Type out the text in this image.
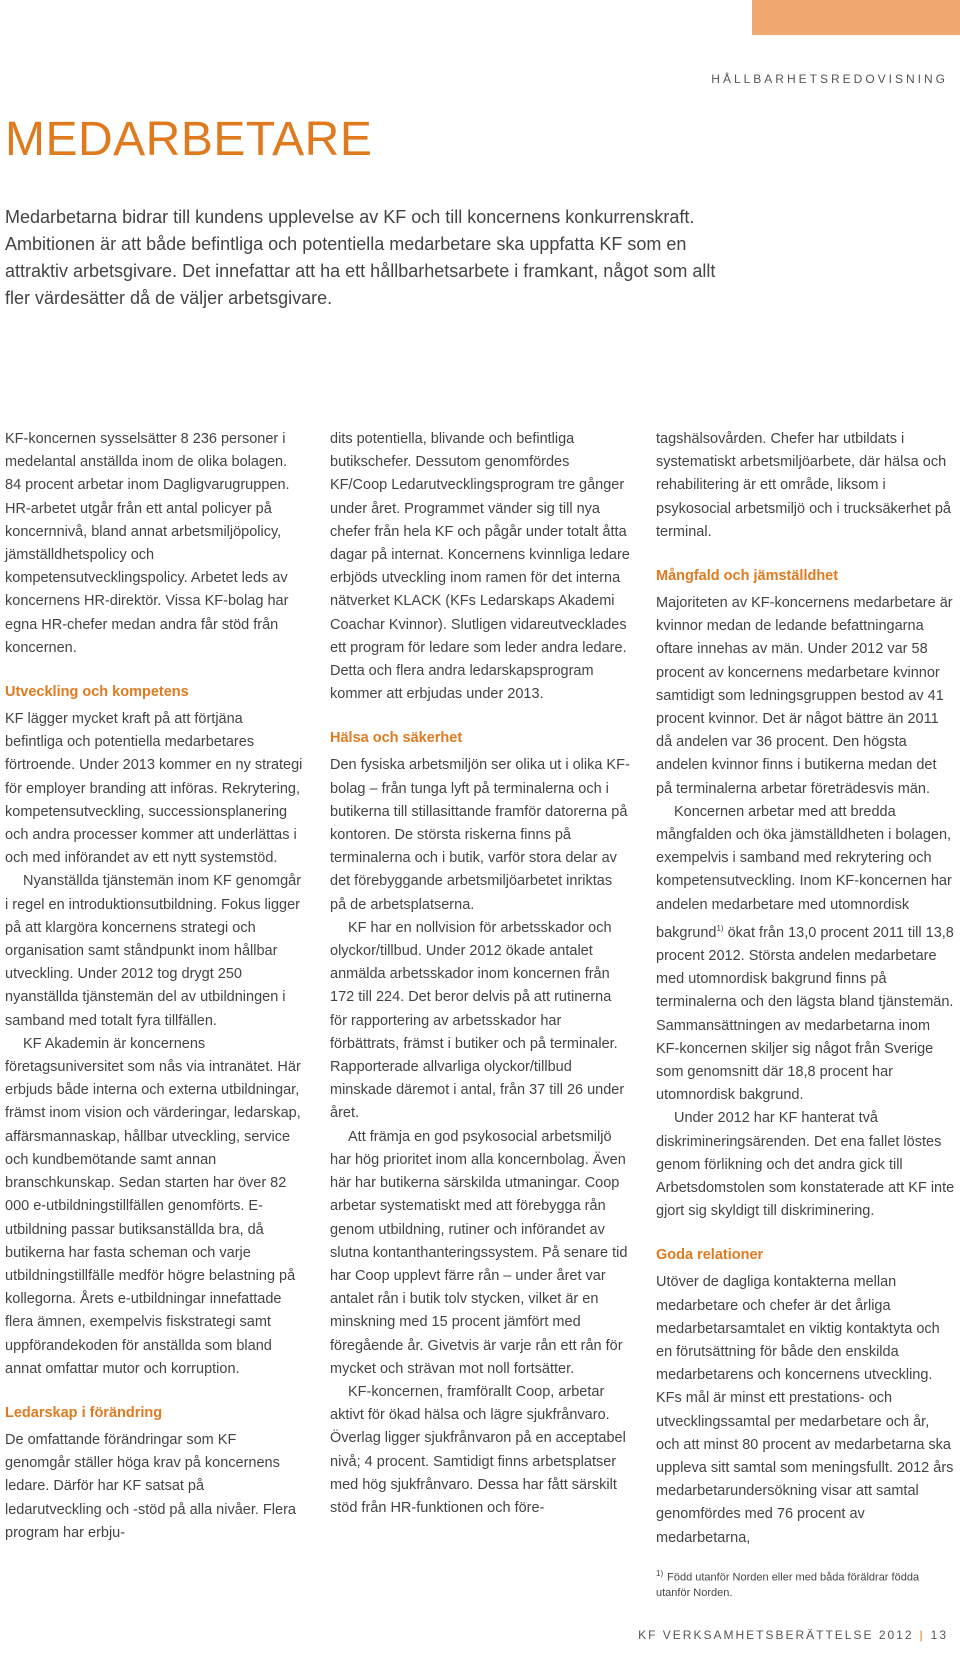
HÅLLBARHETSREDOVISNING
MEDARBETARE

Medarbetarna bidrar till kundens upplevelse av KF och till koncernens konkurrenskraft. Ambitionen är att både befintliga och potentiella medarbetare ska uppfatta KF som en attraktiv arbetsgivare. Det innefattar att ha ett hållbarhetsarbete i framkant, något som allt fler värdesätter då de väljer arbetsgivare.

KF-koncernen sysselsätter 8 236 personer i medelantal anställda inom de olika bolagen. 84 procent arbetar inom Dagligvarugruppen. HR-arbetet utgår från ett antal policyer på koncernnivå, bland annat arbetsmiljöpolicy, jämställdhetspolicy och kompetensutvecklingspolicy. Arbetet leds av koncernens HR-direktör. Vissa KF-bolag har egna HR-chefer medan andra får stöd från koncernen.

Utveckling och kompetens

KF lägger mycket kraft på att förtjäna befintliga och potentiella medarbetares förtroende. Under 2013 kommer en ny strategi för employer branding att införas. Rekrytering, kompetensutveckling, successionsplanering och andra processer kommer att underlättas i och med införandet av ett nytt systemstöd.

Nyanställda tjänstemän inom KF genomgår i regel en introduktionsutbildning. Fokus ligger på att klargöra koncernens strategi och organisation samt ståndpunkt inom hållbar utveckling. Under 2012 tog drygt 250 nyanställda tjänstemän del av utbildningen i samband med totalt fyra tillfällen.

KF Akademin är koncernens företagsuniversitet som nås via intranätet. Här erbjuds både interna och externa utbildningar, främst inom vision och värderingar, ledarskap, affärsmannaskap, hållbar utveckling, service och kundbemötande samt annan branschkunskap. Sedan starten har över 82 000 e-utbildningstillfällen genomförts. E-utbildning passar butiksanställda bra, då butikerna har fasta scheman och varje utbildningstillfälle medför högre belastning på kollegorna. Årets e-utbildningar innefattade flera ämnen, exempelvis fiskstrategi samt uppförandekoden för anställda som bland annat omfattar mutor och korruption.

Ledarskap i förändring

De omfattande förändringar som KF genomgår ställer höga krav på koncernens ledare. Därför har KF satsat på ledarutveckling och -stöd på alla nivåer. Flera program har erbju-

dits potentiella, blivande och befintliga butikschefer. Dessutom genomfördes KF/Coop Ledarutvecklingsprogram tre gånger under året. Programmet vänder sig till nya chefer från hela KF och pågår under totalt åtta dagar på internat. Koncernens kvinnliga ledare erbjöds utveckling inom ramen för det interna nätverket KLACK (KFs Ledarskaps Akademi Coachar Kvinnor). Slutligen vidareutvecklades ett program för ledare som leder andra ledare. Detta och flera andra ledarskapsprogram kommer att erbjudas under 2013.

Hälsa och säkerhet

Den fysiska arbetsmiljön ser olika ut i olika KF-bolag – från tunga lyft på terminalerna och i butikerna till stillasittande framför datorerna på kontoren. De största riskerna finns på terminalerna och i butik, varför stora delar av det förebyggande arbetsmiljöarbetet inriktas på de arbetsplatserna.

KF har en nollvision för arbetsskador och olyckor/tillbud. Under 2012 ökade antalet anmälda arbetsskador inom koncernen från 172 till 224. Det beror delvis på att rutinerna för rapportering av arbetsskador har förbättrats, främst i butiker och på terminaler. Rapporterade allvarliga olyckor/tillbud minskade däremot i antal, från 37 till 26 under året.

Att främja en god psykosocial arbetsmiljö har hög prioritet inom alla koncernbolag. Även här har butikerna särskilda utmaningar. Coop arbetar systematiskt med att förebygga rån genom utbildning, rutiner och införandet av slutna kontanthanteringssystem. På senare tid har Coop upplevt färre rån – under året var antalet rån i butik tolv stycken, vilket är en minskning med 15 procent jämfört med föregående år. Givetvis är varje rån ett rån för mycket och strävan mot noll fortsätter.

KF-koncernen, framförallt Coop, arbetar aktivt för ökad hälsa och lägre sjukfrånvaro. Överlag ligger sjukfrånvaron på en acceptabel nivå; 4 procent. Samtidigt finns arbetsplatser med hög sjukfrånvaro. Dessa har fått särskilt stöd från HR-funktionen och före-

tagshälsovården. Chefer har utbildats i systematiskt arbetsmiljöarbete, där hälsa och rehabilitering är ett område, liksom i psykosocial arbetsmiljö och i trucksäkerhet på terminal.

Mångfald och jämställdhet

Majoriteten av KF-koncernens medarbetare är kvinnor medan de ledande befattningarna oftare innehas av män. Under 2012 var 58 procent av koncernens medarbetare kvinnor samtidigt som ledningsgruppen bestod av 41 procent kvinnor. Det är något bättre än 2011 då andelen var 36 procent. Den högsta andelen kvinnor finns i butikerna medan det på terminalerna arbetar företrädesvis män.

Koncernen arbetar med att bredda mångfalden och öka jämställdheten i bolagen, exempelvis i samband med rekrytering och kompetensutveckling. Inom KF-koncernen har andelen medarbetare med utomnordisk bakgrund$^{1)}$ ökat från 13,0 procent 2011 till 13,8 procent 2012. Största andelen medarbetare med utomnordisk bakgrund finns på terminalerna och den lägsta bland tjänstemän. Sammansättningen av medarbetarna inom KF-koncernen skiljer sig något från Sverige som genomsnitt där 18,8 procent har utomnordisk bakgrund.

Under 2012 har KF hanterat två diskrimineringsärenden. Det ena fallet löstes genom förlikning och det andra gick till Arbetsdomstolen som konstaterade att KF inte gjort sig skyldigt till diskriminering.

Goda relationer

Utöver de dagliga kontakterna mellan medarbetare och chefer är det årliga medarbetarsamtalet en viktig kontaktyta och en förutsättning för både den enskilda medarbetarens och koncernens utveckling. KFs mål är minst ett prestations- och utvecklingssamtal per medarbetare och år, och att minst 80 procent av medarbetarna ska uppleva sitt samtal som meningsfullt. 2012 års medarbetarundersökning visar att samtal genomfördes med 76 procent av medarbetarna,

$^{1)}$ Född utanför Norden eller med båda föräldrar födda utanför Norden.
KF VERKSAMHETSBERÄTTELSE 2012 | 13
